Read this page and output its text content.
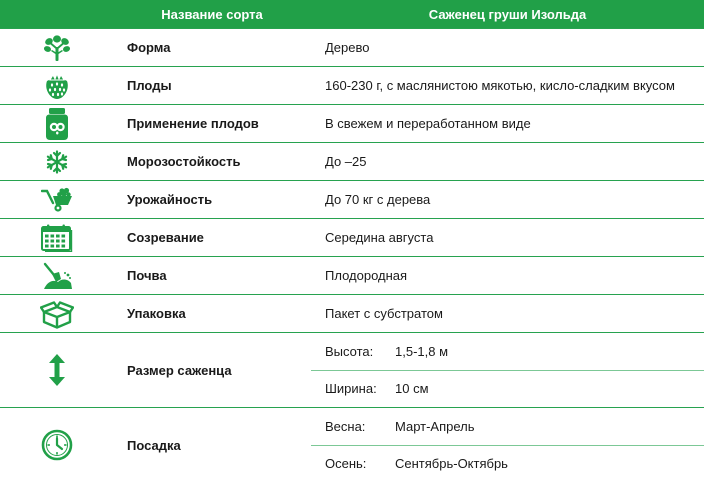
	Название сорта	Саженец груши Изольда

	Форма	Дерево

	Плоды	160-230 г, с маслянистою мякотью, кисло-сладким вкусом

	Применение плодов	В свежем и переработанном виде

	Морозостойкость	До –25

	Урожайность	До 70 кг с дерева

	Созревание	Середина августа

	Почва	Плодородная

	Упаковка	Пакет с субстратом

	Размер саженца	
Высота:	1,5-1,8 м
Ширина:	10 см

	Посадка	
Весна:	Март-Апрель
Осень:	Сентябрь-Октябрь
